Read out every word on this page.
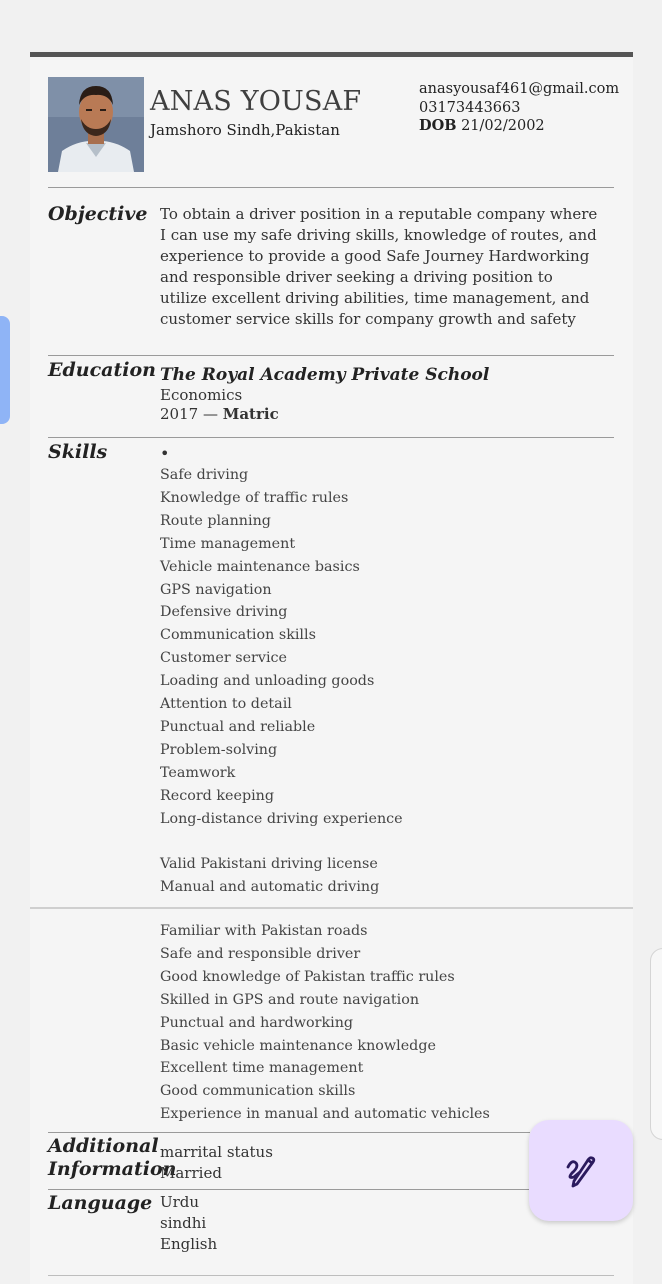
ANAS YOUSAF
Jamshoro Sindh,Pakistan
anasyousaf461@gmail.com
03173443663
DOB 21/02/2002
Objective To obtain a driver position in a reputable company where I can use my safe driving skills, knowledge of routes, and experience to provide a good Safe Journey Hardworking and responsible driver seeking a driving position to utilize excellent driving abilities, time management, and customer service skills for company growth and safety
Education The Royal Academy Private School
Economics
2017 — Matric
Skills	•
Safe driving
Knowledge of traffic rules
Route planning
Time management
Vehicle maintenance basics
GPS navigation
Defensive driving
Communication skills
Customer service
Loading and unloading goods
Attention to detail
Punctual and reliable
Problem-solving
Teamwork
Record keeping
Long-distance driving experience
Valid Pakistani driving license
Manual and automatic driving
Familiar with Pakistan roads
Safe and responsible driver
Good knowledge of Pakistan traffic rules
Skilled in GPS and route navigation
Punctual and hardworking
Basic vehicle maintenance knowledge
Excellent time management
Good communication skills
Experience in manual and automatic vehicles
Additional
Information
marrital status
Married
Language Urdu
sindhi
English
